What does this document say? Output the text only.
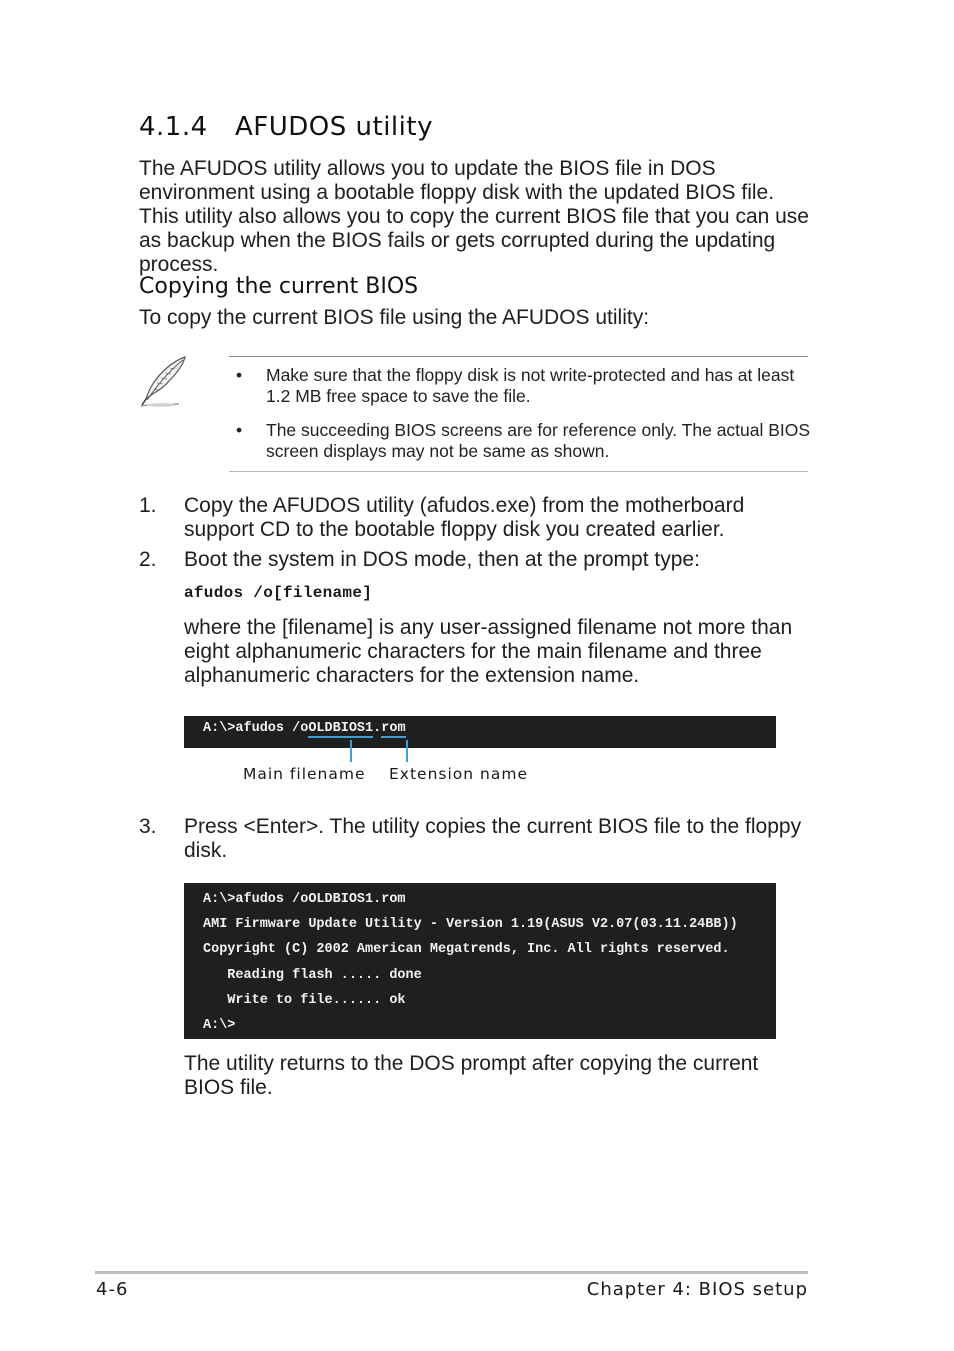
4.1.4 AFUDOS utility
The AFUDOS utility allows you to update the BIOS file in DOS environment using a bootable floppy disk with the updated BIOS file. This utility also allows you to copy the current BIOS file that you can use as backup when the BIOS fails or gets corrupted during the updating process.
Copying the current BIOS
To copy the current BIOS file using the AFUDOS utility:
• Make sure that the floppy disk is not write-protected and has at least 1.2 MB free space to save the file.
• The succeeding BIOS screens are for reference only. The actual BIOS screen displays may not be same as shown.
1. Copy the AFUDOS utility (afudos.exe) from the motherboard support CD to the bootable floppy disk you created earlier.
2. Boot the system in DOS mode, then at the prompt type:
afudos /o[filename]
where the [filename] is any user-assigned filename not more than eight alphanumeric characters for the main filename and three alphanumeric characters for the extension name.
A:\>afudos /oOLDBIOS1.rom
Main filename Extension name
3. Press <Enter>. The utility copies the current BIOS file to the floppy disk.
A:\>afudos /oOLDBIOS1.rom
AMI Firmware Update Utility - Version 1.19(ASUS V2.07(03.11.24BB))
Copyright (C) 2002 American Megatrends, Inc. All rights reserved.
Reading flash ..... done
Write to file...... ok
A:\>
The utility returns to the DOS prompt after copying the current BIOS file.
4-6	Chapter 4: BIOS setup
